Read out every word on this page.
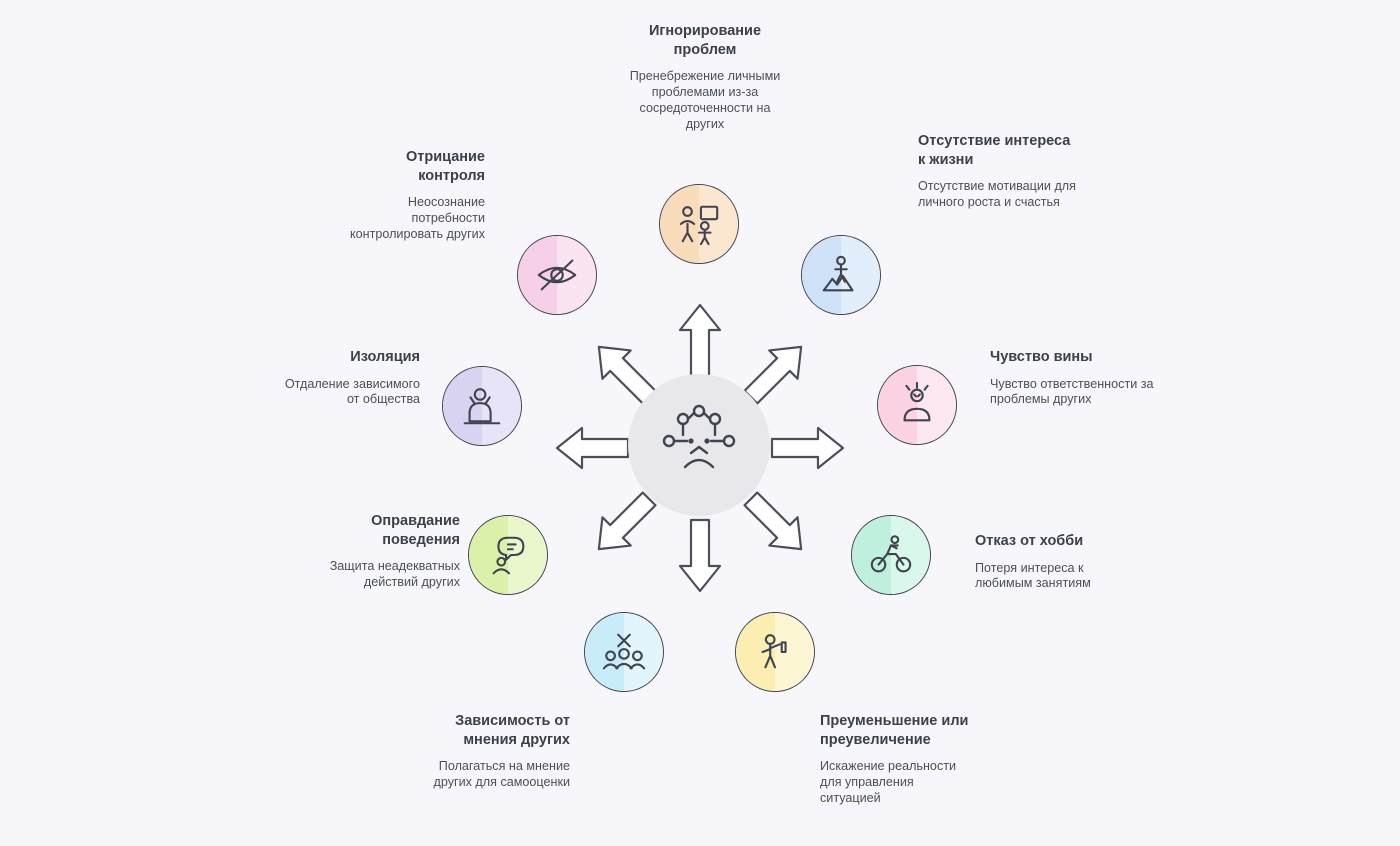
Игнорирование проблем
Пренебрежение личными проблемами из-за сосредоточенности на других
Отсутствие интереса к жизни
Отсутствие мотивации для личного роста и счастья
Чувство вины
Чувство ответственности за проблемы других
Отказ от хобби
Потеря интереса к любимым занятиям
Преуменьшение или преувеличение
Искажение реальности для управления ситуацией
Зависимость от мнения других
Полагаться на мнение других для самооценки
Оправдание поведения
Защита неадекватных действий других
Изоляция
Отдаление зависимого от общества
Отрицание контроля
Неосознание потребности контролировать других
